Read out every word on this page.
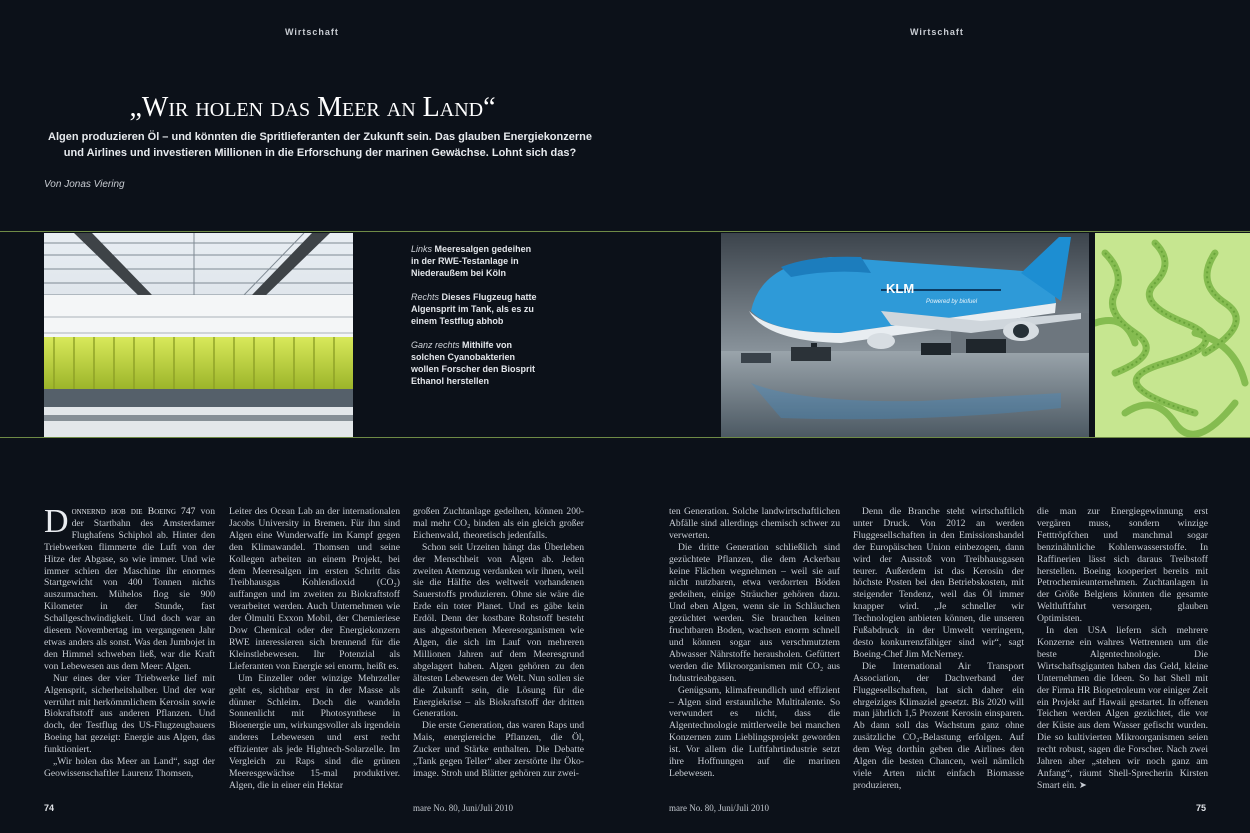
Wirtschaft	Wirtschaft
„Wir holen das Meer an Land“
Algen produzieren Öl – und könnten die Spritlieferanten der Zukunft sein. Das glauben Energiekonzerne und Airlines und investieren Millionen in die Erforschung der marinen Gewächse. Lohnt sich das?
Von Jonas Viering

Links Meeresalgen gedeihen in der RWE-Testanlage in Niederaußem bei Köln

Rechts Dieses Flugzeug hatte Algensprit im Tank, als es zu einem Testflug abhob

Ganz rechts Mithilfe von solchen Cyanobakterien wollen Forscher den Biosprit Ethanol herstellen

KLM
Powered by biofuel

Donnernd hob die Boeing 747 von der Startbahn des Amsterdamer Flughafens Schiphol ab. Hinter den Triebwerken flimmerte die Luft von der Hitze der Abgase, so wie immer. Und wie immer schien der Maschine ihr enormes Startgewicht von 400 Tonnen nichts auszumachen. Mühelos flog sie 900 Kilometer in der Stunde, fast Schallgeschwindigkeit. Und doch war an diesem Novembertag im vergangenen Jahr etwas anders als sonst. Was den Jumbojet in den Himmel schweben ließ, war die Kraft von Lebewesen aus dem Meer: Algen.

Nur eines der vier Triebwerke lief mit Algensprit, sicherheitshalber. Und der war verrührt mit herkömmlichem Kerosin sowie Biokraftstoff aus anderen Pflanzen. Und doch, der Testflug des US-Flugzeugbauers Boeing hat gezeigt: Energie aus Algen, das funktioniert.

„Wir holen das Meer an Land“, sagt der Geowissenschaftler Laurenz Thomsen,

Leiter des Ocean Lab an der internationalen Jacobs University in Bremen. Für ihn sind Algen eine Wunderwaffe im Kampf gegen den Klimawandel. Thomsen und seine Kollegen arbeiten an einem Projekt, bei dem Meeresalgen im ersten Schritt das Treibhausgas Kohlendioxid (CO₂) auffangen und im zweiten zu Biokraftstoff verarbeitet werden. Auch Unternehmen wie der Ölmulti Exxon Mobil, der Chemieriese Dow Chemical oder der Energiekonzern RWE interessieren sich brennend für die Kleinstlebewesen. Ihr Potenzial als Lieferanten von Energie sei enorm, heißt es.

Um Einzeller oder winzige Mehrzeller geht es, sichtbar erst in der Masse als dünner Schleim. Doch die wandeln Sonnenlicht mit Photosynthese in Bioenergie um, wirkungsvoller als irgendein anderes Lebewesen und erst recht effizienter als jede Hightech-Solarzelle. Im Vergleich zu Raps sind die grünen Meeresgewächse 15-mal produktiver. Algen, die in einer ein Hektar

großen Zuchtanlage gedeihen, können 200-mal mehr CO₂ binden als ein gleich großer Eichenwald, theoretisch jedenfalls.

Schon seit Urzeiten hängt das Überleben der Menschheit von Algen ab. Jeden zweiten Atemzug verdanken wir ihnen, weil sie die Hälfte des weltweit vorhandenen Sauerstoffs produzieren. Ohne sie wäre die Erde ein toter Planet. Und es gäbe kein Erdöl. Denn der kostbare Rohstoff besteht aus abgestorbenen Meeresorganismen wie Algen, die sich im Lauf von mehreren Millionen Jahren auf dem Meeresgrund abgelagert haben. Algen gehören zu den ältesten Lebewesen der Welt. Nun sollen sie die Zukunft sein, die Lösung für die Energiekrise – als Biokraftstoff der dritten Generation.

Die erste Generation, das waren Raps und Mais, energiereiche Pflanzen, die Öl, Zucker und Stärke enthalten. Die Debatte „Tank gegen Teller“ aber zerstörte ihr Öko-image. Stroh und Blätter gehören zur zwei-

ten Generation. Solche landwirtschaftlichen Abfälle sind allerdings chemisch schwer zu verwerten.

Die dritte Generation schließlich sind gezüchtete Pflanzen, die dem Ackerbau keine Flächen wegnehmen – weil sie auf nicht nutzbaren, etwa verdorrten Böden gedeihen, einige Sträucher gehören dazu. Und eben Algen, wenn sie in Schläuchen gezüchtet werden. Sie brauchen keinen fruchtbaren Boden, wachsen enorm schnell und können sogar aus verschmutztem Abwasser Nährstoffe herausholen. Gefüttert werden die Mikroorganismen mit CO₂ aus Industrieabgasen.

Genügsam, klimafreundlich und effizient – Algen sind erstaunliche Multitalente. So verwundert es nicht, dass die Algentechnologie mittlerweile bei manchen Konzernen zum Lieblingsprojekt geworden ist. Vor allem die Luftfahrtindustrie setzt ihre Hoffnungen auf die marinen Lebewesen.

Denn die Branche steht wirtschaftlich unter Druck. Von 2012 an werden Fluggesellschaften in den Emissionshandel der Europäischen Union einbezogen, dann wird der Ausstoß von Treibhausgasen teurer. Außerdem ist das Kerosin der höchste Posten bei den Betriebskosten, mit steigender Tendenz, weil das Öl immer knapper wird. „Je schneller wir Technologien anbieten können, die unseren Fußabdruck in der Umwelt verringern, desto konkurrenzfähiger sind wir“, sagt Boeing-Chef Jim McNerney.

Die International Air Transport Association, der Dachverband der Fluggesellschaften, hat sich daher ein ehrgeiziges Klimaziel gesetzt. Bis 2020 will man jährlich 1,5 Prozent Kerosin einsparen. Ab dann soll das Wachstum ganz ohne zusätzliche CO₂-Belastung erfolgen. Auf dem Weg dorthin geben die Airlines den Algen die besten Chancen, weil nämlich viele Arten nicht einfach Biomasse produzieren,

die man zur Energiegewinnung erst vergären muss, sondern winzige Fetttröpfchen und manchmal sogar benzinähnliche Kohlenwasserstoffe. In Raffinerien lässt sich daraus Treibstoff herstellen. Boeing kooperiert bereits mit Petrochemieunternehmen. Zuchtanlagen in der Größe Belgiens könnten die gesamte Weltluftfahrt versorgen, glauben Optimisten.

In den USA liefern sich mehrere Konzerne ein wahres Wettrennen um die beste Algentechnologie. Die Wirtschaftsgiganten haben das Geld, kleine Unternehmen die Ideen. So hat Shell mit der Firma HR Biopetroleum vor einiger Zeit ein Projekt auf Hawaii gestartet. In offenen Teichen werden Algen gezüchtet, die vor der Küste aus dem Wasser gefischt wurden. Die so kultivierten Mikroorganismen seien recht robust, sagen die Forscher. Nach zwei Jahren aber „stehen wir noch ganz am Anfang“, räumt Shell-Sprecherin Kirsten Smart ein. ➤

74	mare No. 80, Juni/Juli 2010	mare No. 80, Juni/Juli 2010	75
